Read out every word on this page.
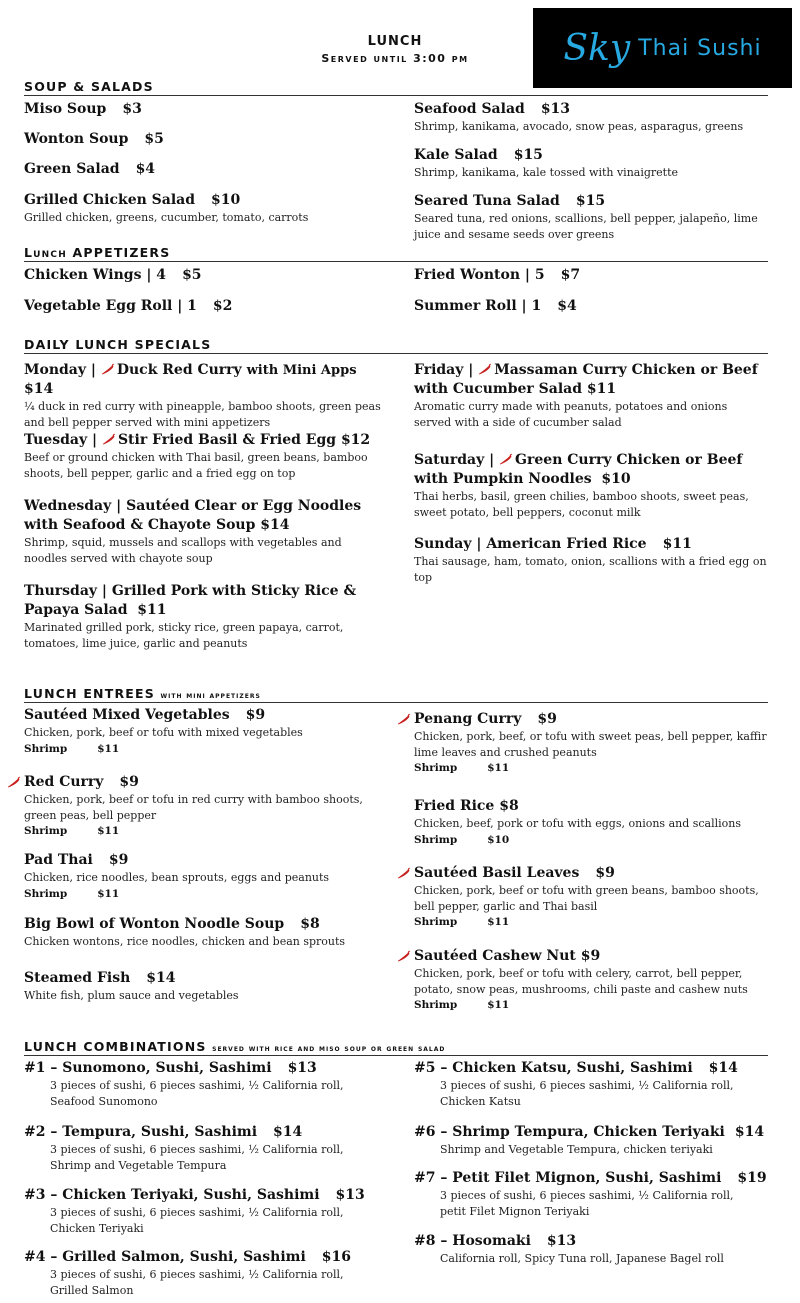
LUNCH
Served until 3:00 pm	Sky Thai Sushi
SOUP & SALADS
Miso Soup $3
Wonton Soup $5
Green Salad $4
Grilled Chicken Salad $10
Grilled chicken, greens, cucumber, tomato, carrots
Seafood Salad $13
Shrimp, kanikama, avocado, snow peas, asparagus, greens
Kale Salad $15
Shrimp, kanikama, kale tossed with vinaigrette
Seared Tuna Salad $15
Seared tuna, red onions, scallions, bell pepper, jalapeño, lime juice and sesame seeds over greens
Lunch APPETIZERS
Chicken Wings | 4 $5
Vegetable Egg Roll | 1 $2
Fried Wonton | 5 $7
Summer Roll | 1 $4
DAILY LUNCH SPECIALS
Monday | Duck Red Curry with Mini Apps $14
¼ duck in red curry with pineapple, bamboo shoots, green peas and bell pepper served with mini appetizers
Tuesday | Stir Fried Basil & Fried Egg $12
Beef or ground chicken with Thai basil, green beans, bamboo shoots, bell pepper, garlic and a fried egg on top
Wednesday | Sautéed Clear or Egg Noodles with Seafood & Chayote Soup $14
Shrimp, squid, mussels and scallops with vegetables and noodles served with chayote soup
Thursday | Grilled Pork with Sticky Rice & Papaya Salad $11
Marinated grilled pork, sticky rice, green papaya, carrot, tomatoes, lime juice, garlic and peanuts
Friday | Massaman Curry Chicken or Beef with Cucumber Salad $11
Aromatic curry made with peanuts, potatoes and onions served with a side of cucumber salad
Saturday | Green Curry Chicken or Beef with Pumpkin Noodles $10
Thai herbs, basil, green chilies, bamboo shoots, sweet peas, sweet potato, bell peppers, coconut milk
Sunday | American Fried Rice $11
Thai sausage, ham, tomato, onion, scallions with a fried egg on top
LUNCH ENTREES with mini appetizers
Sautéed Mixed Vegetables $9
Chicken, pork, beef or tofu with mixed vegetables
Shrimp	$11
Red Curry $9
Chicken, pork, beef or tofu in red curry with bamboo shoots, green peas, bell pepper
Shrimp	$11
Pad Thai $9
Chicken, rice noodles, bean sprouts, eggs and peanuts
Shrimp	$11
Big Bowl of Wonton Noodle Soup $8
Chicken wontons, rice noodles, chicken and bean sprouts
Steamed Fish $14
White fish, plum sauce and vegetables
Penang Curry $9
Chicken, pork, beef, or tofu with sweet peas, bell pepper, kaffir lime leaves and crushed peanuts
Shrimp	$11
Fried Rice $8
Chicken, beef, pork or tofu with eggs, onions and scallions
Shrimp	$10
Sautéed Basil Leaves $9
Chicken, pork, beef or tofu with green beans, bamboo shoots, bell pepper, garlic and Thai basil
Shrimp	$11
Sautéed Cashew Nut $9
Chicken, pork, beef or tofu with celery, carrot, bell pepper, potato, snow peas, mushrooms, chili paste and cashew nuts
Shrimp	$11
LUNCH COMBINATIONS served with rice and miso soup or green salad
#1 – Sunomono, Sushi, Sashimi $13
3 pieces of sushi, 6 pieces sashimi, ½ California roll, Seafood Sunomono
#2 – Tempura, Sushi, Sashimi $14
3 pieces of sushi, 6 pieces sashimi, ½ California roll, Shrimp and Vegetable Tempura
#3 – Chicken Teriyaki, Sushi, Sashimi $13
3 pieces of sushi, 6 pieces sashimi, ½ California roll, Chicken Teriyaki
#4 – Grilled Salmon, Sushi, Sashimi $16
3 pieces of sushi, 6 pieces sashimi, ½ California roll, Grilled Salmon
#5 – Chicken Katsu, Sushi, Sashimi $14
3 pieces of sushi, 6 pieces sashimi, ½ California roll, Chicken Katsu
#6 – Shrimp Tempura, Chicken Teriyaki $14
Shrimp and Vegetable Tempura, chicken teriyaki
#7 – Petit Filet Mignon, Sushi, Sashimi $19
3 pieces of sushi, 6 pieces sashimi, ½ California roll, petit Filet Mignon Teriyaki
#8 – Hosomaki $13
California roll, Spicy Tuna roll, Japanese Bagel roll
